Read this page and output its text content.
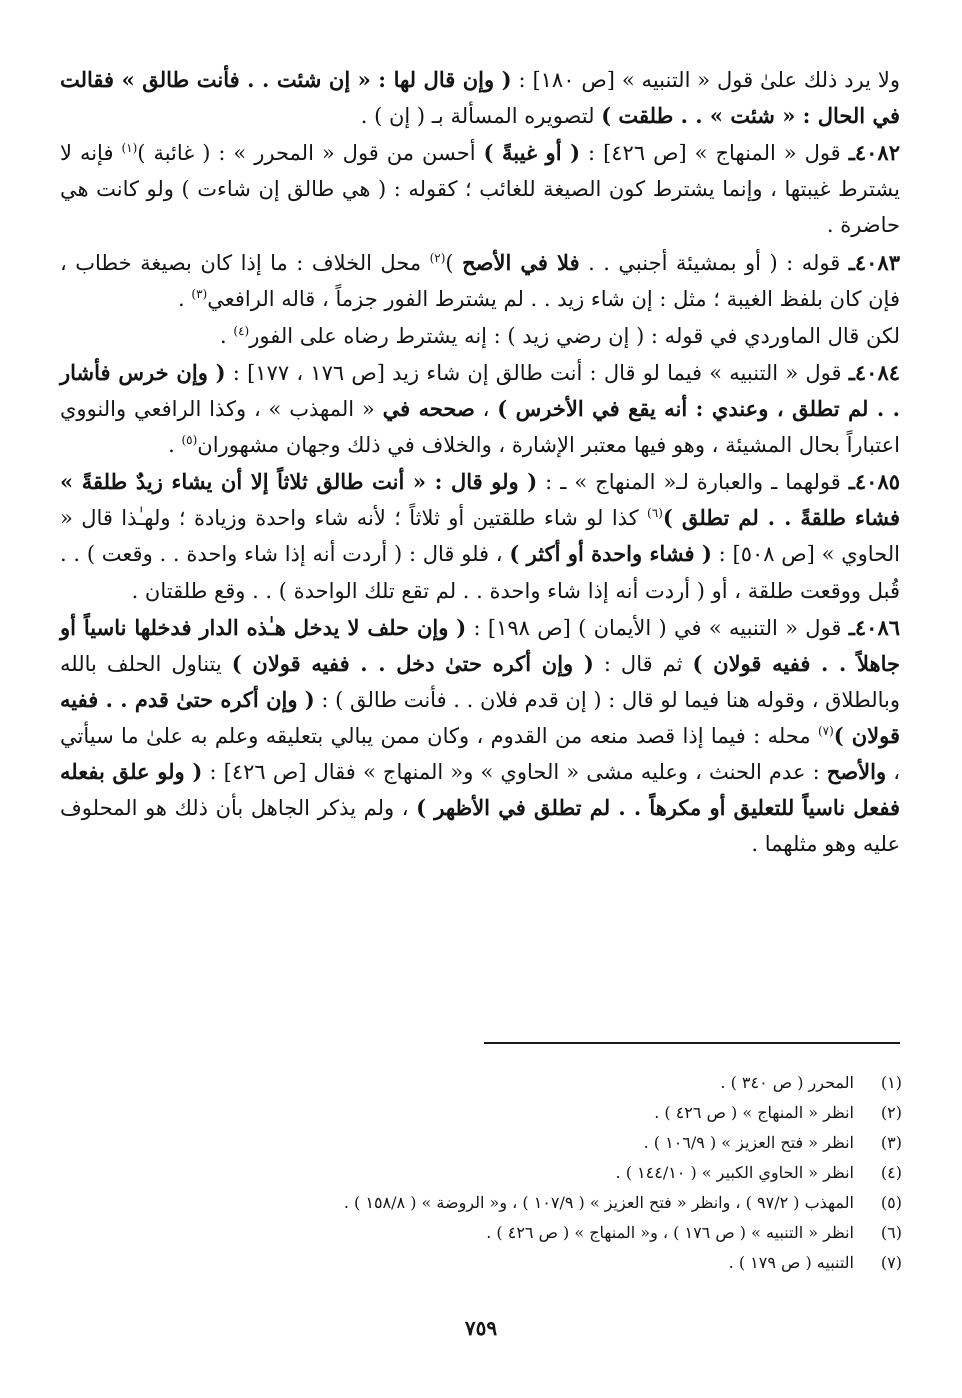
ولا يرد ذلك علىٰ قول « التنبيه » [ص ١٨٠] : ( وإن قال لها : « إن شئت . . فأنت طالق » فقالت في الحال : « شئت » . . طلقت ) لتصويره المسألة بـ ( إن ) .

٤٠٨٢ـ قول « المنهاج » [ص ٤٢٦] : ( أو غيبةً ) أحسن من قول « المحرر » : ( غائبة )$^{(١)}$ فإنه لا يشترط غيبتها ، وإنما يشترط كون الصيغة للغائب ؛ كقوله : ( هي طالق إن شاءت ) ولو كانت هي حاضرة .

٤٠٨٣ـ قوله : ( أو بمشيئة أجنبي . . فلا في الأصح )$^{(٢)}$ محل الخلاف : ما إذا كان بصيغة خطاب ، فإن كان بلفظ الغيبة ؛ مثل : إن شاء زيد . . لم يشترط الفور جزماً ، قاله الرافعي$^{(٣)}$ .

لكن قال الماوردي في قوله : ( إن رضي زيد ) : إنه يشترط رضاه على الفور$^{(٤)}$ .

٤٠٨٤ـ قول « التنبيه » فيما لو قال : أنت طالق إن شاء زيد [ص ١٧٦ ، ١٧٧] : ( وإن خرس فأشار . . لم تطلق ، وعندي : أنه يقع في الأخرس ) ، صححه في « المهذب » ، وكذا الرافعي والنووي اعتباراً بحال المشيئة ، وهو فيها معتبر الإشارة ، والخلاف في ذلك وجهان مشهوران$^{(٥)}$ .

٤٠٨٥ـ قولهما ـ والعبارة لـ« المنهاج » ـ : ( ولو قال : « أنت طالق ثلاثاً إلا أن يشاء زيدٌ طلقةً » فشاء طلقةً . . لم تطلق )$^{(٦)}$ كذا لو شاء طلقتين أو ثلاثاً ؛ لأنه شاء واحدة وزيادة ؛ ولهـٰذا قال « الحاوي » [ص ٥٠٨] : ( فشاء واحدة أو أكثر ) ، فلو قال : ( أردت أنه إذا شاء واحدة . . وقعت ) . . قُبل ووقعت طلقة ، أو ( أردت أنه إذا شاء واحدة . . لم تقع تلك الواحدة ) . . وقع طلقتان .

٤٠٨٦ـ قول « التنبيه » في ( الأيمان ) [ص ١٩٨] : ( وإن حلف لا يدخل هـٰذه الدار فدخلها ناسياً أو جاهلاً . . ففيه قولان ) ثم قال : ( وإن أكره حتىٰ دخل . . ففيه قولان ) يتناول الحلف بالله وبالطلاق ، وقوله هنا فيما لو قال : ( إن قدم فلان . . فأنت طالق ) : ( وإن أكره حتىٰ قدم . . ففيه قولان )$^{(٧)}$ محله : فيما إذا قصد منعه من القدوم ، وكان ممن يبالي بتعليقه وعلم به علىٰ ما سيأتي ، والأصح : عدم الحنث ، وعليه مشى « الحاوي » و« المنهاج » فقال [ص ٤٢٦] : ( ولو علق بفعله ففعل ناسياً للتعليق أو مكرهاً . . لم تطلق في الأظهر ) ، ولم يذكر الجاهل بأن ذلك هو المحلوف عليه وهو مثلهما .

(١)
المحرر ( ص ٣٤٠ ) .
(٢)
انظر « المنهاج » ( ص ٤٢٦ ) .
(٣)
انظر « فتح العزيز » ( ١٠٦/٩ ) .
(٤)
انظر « الحاوي الكبير » ( ١٤٤/١٠ ) .
(٥)
المهذب ( ٩٧/٢ ) ، وانظر « فتح العزيز » ( ١٠٧/٩ ) ، و« الروضة » ( ١٥٨/٨ ) .
(٦)
انظر « التنبيه » ( ص ١٧٦ ) ، و« المنهاج » ( ص ٤٢٦ ) .
(٧)
التنبيه ( ص ١٧٩ ) .
٧٥٩
